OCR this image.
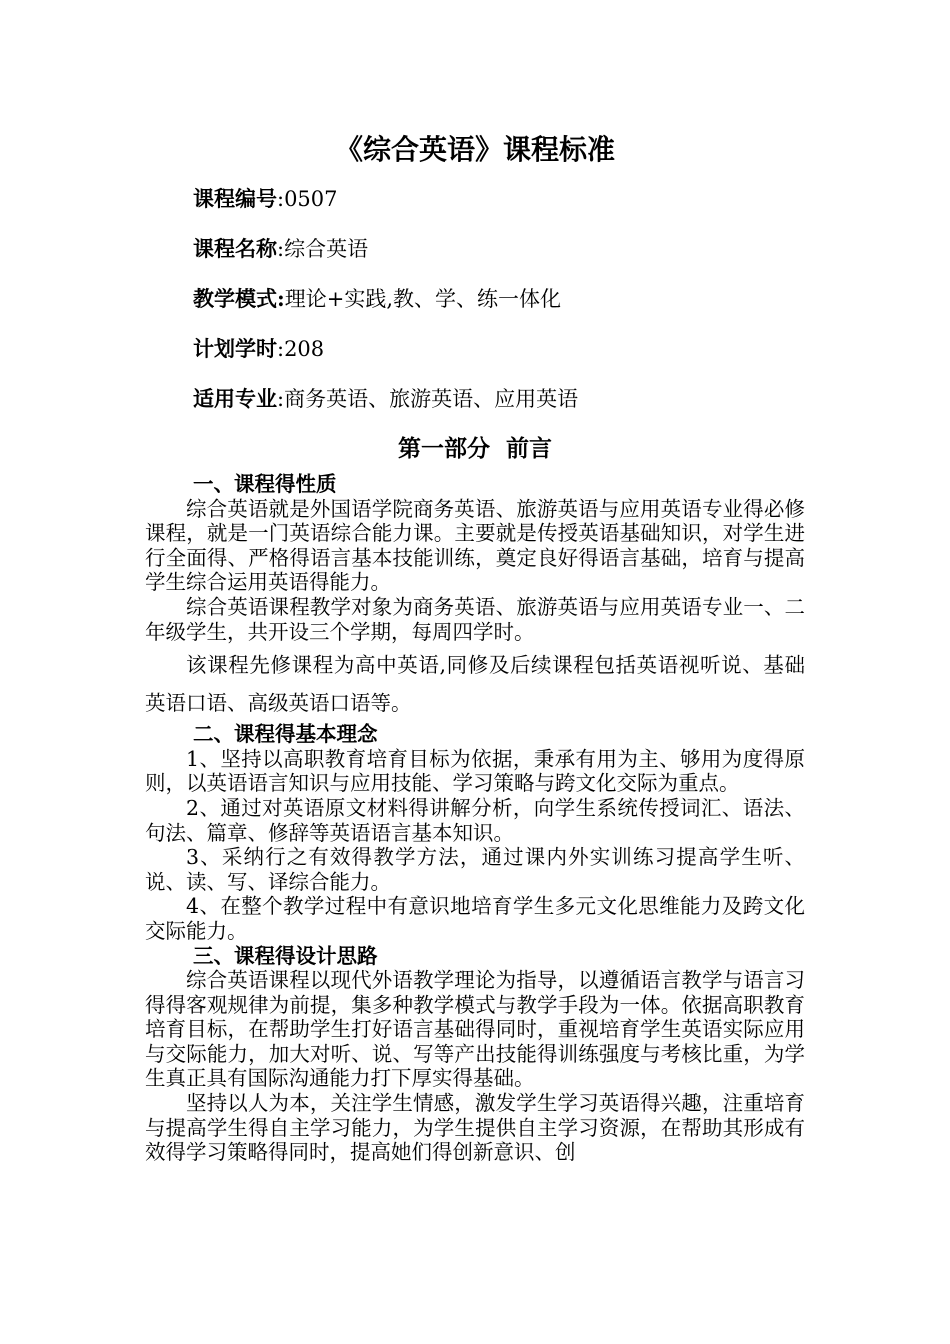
《综合英语》课程标准
课程编号:0507
课程名称:综合英语
教学模式:理论+实践,教、学、练一体化
计划学时:208
适用专业:商务英语、旅游英语、应用英语
第一部分  前言
一、课程得性质

综合英语就是外国语学院商务英语、旅游英语与应用英语专业得必修课程，就是一门英语综合能力课。主要就是传授英语基础知识，对学生进行全面得、严格得语言基本技能训练，奠定良好得语言基础，培育与提高学生综合运用英语得能力。

综合英语课程教学对象为商务英语、旅游英语与应用英语专业一、二年级学生，共开设三个学期，每周四学时。

该课程先修课程为高中英语,同修及后续课程包括英语视听说、基础英语口语、高级英语口语等。

二、课程得基本理念

1、坚持以高职教育培育目标为依据，秉承有用为主、够用为度得原则，以英语语言知识与应用技能、学习策略与跨文化交际为重点。

2、通过对英语原文材料得讲解分析，向学生系统传授词汇、语法、句法、篇章、修辞等英语语言基本知识。

3、采纳行之有效得教学方法，通过课内外实训练习提高学生听、说、读、写、译综合能力。

4、在整个教学过程中有意识地培育学生多元文化思维能力及跨文化交际能力。

三、课程得设计思路

综合英语课程以现代外语教学理论为指导，以遵循语言教学与语言习得得客观规律为前提，集多种教学模式与教学手段为一体。依据高职教育培育目标，在帮助学生打好语言基础得同时，重视培育学生英语实际应用与交际能力，加大对听、说、写等产出技能得训练强度与考核比重，为学生真正具有国际沟通能力打下厚实得基础。

坚持以人为本，关注学生情感，激发学生学习英语得兴趣，注重培育与提高学生得自主学习能力，为学生提供自主学习资源，在帮助其形成有效得学习策略得同时，提高她们得创新意识、创
